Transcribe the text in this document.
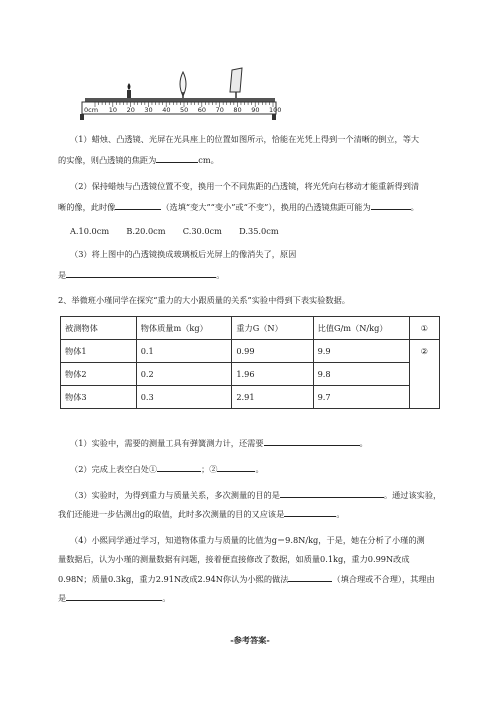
0cm 10 20 30 40 50 60 70 80 90 100
（1）蜡烛、凸透镜、光屏在光具座上的位置如图所示，恰能在光凭上得到一个清晰的倒立，等大
的实像，则凸透镜的焦距为	cm。
（2）保持蜡烛与凸透镜位置不变，换用一个不同焦距的凸透镜，将光凭向右移动才能重新得到清
晰的像，此时像	（选填“变大”“变小”或“不变”），换用的凸透镜焦距可能为	。
A.10.0cm B.20.0cm C.30.0cm D.35.0cm
（3）将上图中的凸透镜换成玻璃板后光屏上的像消失了，原因
是	。
2、举微班小瑾同学在探究“重力的大小跟质量的关系”实验中得到下表实验数据。
被测物体	物体质量m（kg）	重力G（N）	比值G/m（N/kg）	①
物体1	0.1	0.99	9.9	②
物体2	0.2	1.96	9.8	
物体3	0.3	2.91	9.7	
（1）实验中，需要的测量工具有弹簧测力计，还需要	。
（2）完成上表空白处①	；②	。
（3）实验时，为得到重力与质量关系，多次测量的目的是	。通过该实验，
我们还能进一步估测出g的取值，此时多次测量的目的又应该是	。
（4）小熙同学通过学习，知道物体重力与质量的比值为g＝9.8N/kg，于是，她在分析了小瑾的测
量数据后，认为小瑾的测量数据有问题，接着便直接修改了数据，如质量0.1kg，重力0.99N改成
0.98N；质量0.3kg，重力2.91N改成2.94N你认为小熙的做法	（填合理或不合理），其理由
是	。
-参考答案-
